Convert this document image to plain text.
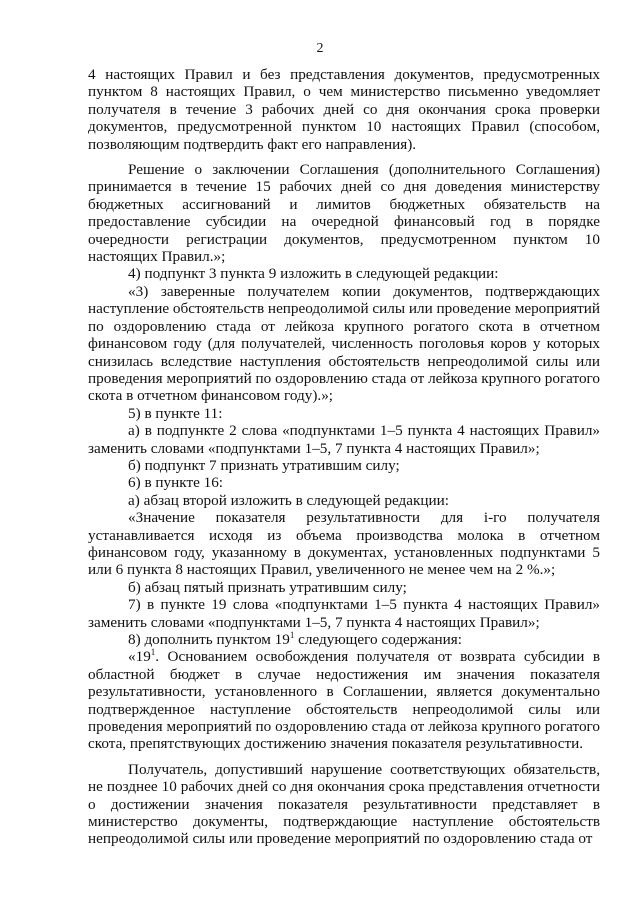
2

4 настоящих Правил и без представления документов, предусмотренных пунктом 8 настоящих Правил, о чем министерство письменно уведомляет получателя в течение 3 рабочих дней со дня окончания срока проверки документов, предусмотренной пунктом 10 настоящих Правил (способом, позволяющим подтвердить факт его направления).

Решение о заключении Соглашения (дополнительного Соглашения) принимается в течение 15 рабочих дней со дня доведения министерству бюджетных ассигнований и лимитов бюджетных обязательств на предоставление субсидии на очередной финансовый год в порядке очередности регистрации документов, предусмотренном пунктом 10 настоящих Правил.»;

4) подпункт 3 пункта 9 изложить в следующей редакции:

«3) заверенные получателем копии документов, подтверждающих наступление обстоятельств непреодолимой силы или проведение мероприятий по оздоровлению стада от лейкоза крупного рогатого скота в отчетном финансовом году (для получателей, численность поголовья коров у которых снизилась вследствие наступления обстоятельств непреодолимой силы или проведения мероприятий по оздоровлению стада от лейкоза крупного рогатого скота в отчетном финансовом году).»;

5) в пункте 11:

а) в подпункте 2 слова «подпунктами 1–5 пункта 4 настоящих Правил» заменить словами «подпунктами 1–5, 7 пункта 4 настоящих Правил»;

б) подпункт 7 признать утратившим силу;

6) в пункте 16:

а) абзац второй изложить в следующей редакции:

«Значение показателя результативности для i-го получателя устанавливается исходя из объема производства молока в отчетном финансовом году, указанному в документах, установленных подпунктами 5 или 6 пункта 8 настоящих Правил, увеличенного не менее чем на 2 %.»;

б) абзац пятый признать утратившим силу;

7) в пункте 19 слова «подпунктами 1–5 пункта 4 настоящих Правил» заменить словами «подпунктами 1–5, 7 пункта 4 настоящих Правил»;

8) дополнить пунктом $19^1$ следующего содержания:

«$19^1$. Основанием освобождения получателя от возврата субсидии в областной бюджет в случае недостижения им значения показателя результативности, установленного в Соглашении, является документально подтвержденное наступление обстоятельств непреодолимой силы или проведения мероприятий по оздоровлению стада от лейкоза крупного рогатого скота, препятствующих достижению значения показателя результативности.

Получатель, допустивший нарушение соответствующих обязательств, не позднее 10 рабочих дней со дня окончания срока представления отчетности о достижении значения показателя результативности представляет в министерство документы, подтверждающие наступление обстоятельств непреодолимой силы или проведение мероприятий по оздоровлению стада от
